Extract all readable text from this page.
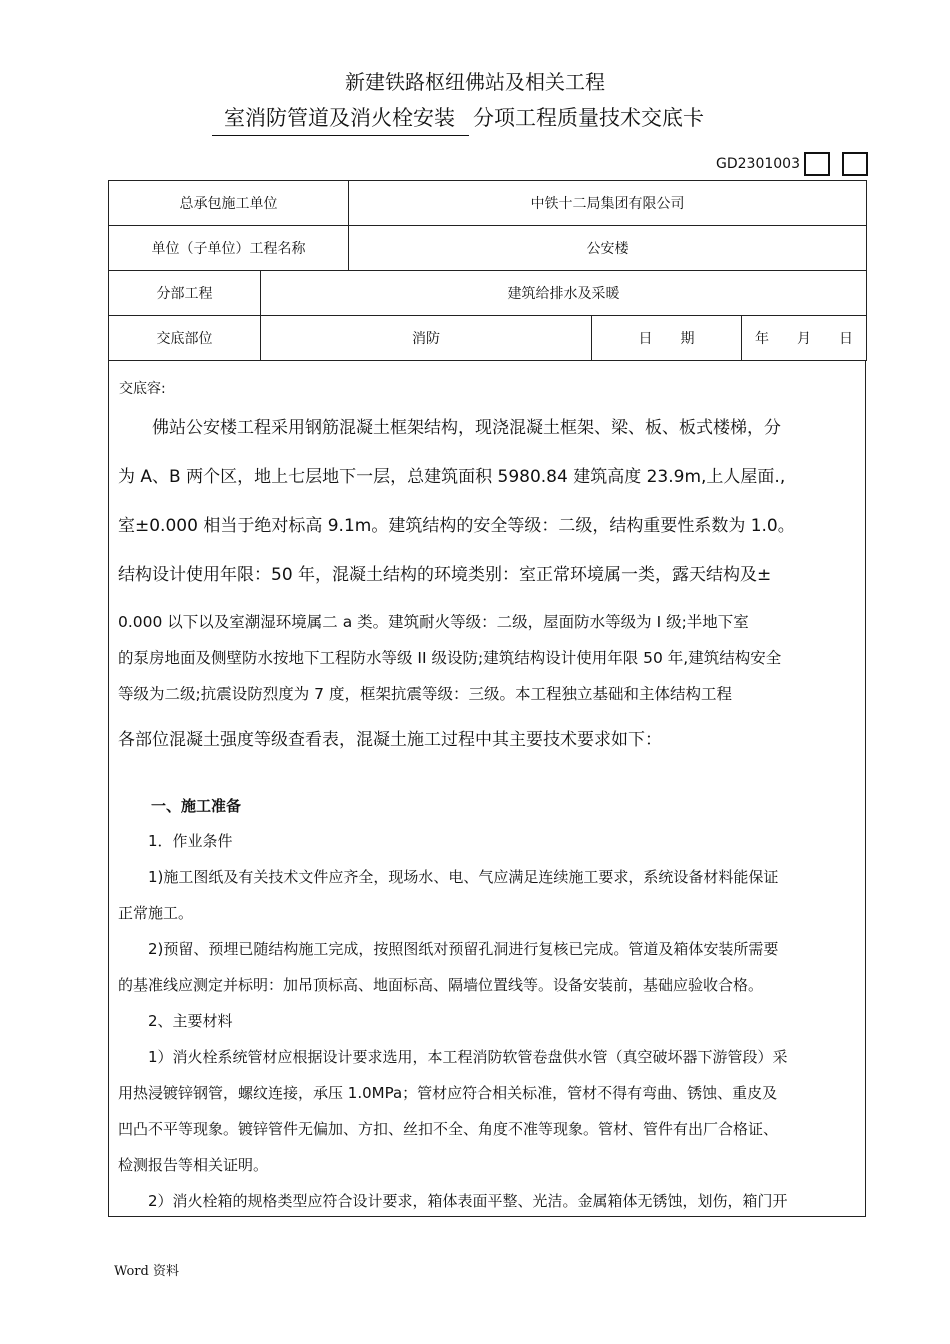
新建铁路枢纽佛站及相关工程
室消防管道及消火栓安装 分项工程质量技术交底卡
GD2301003
总承包施工单位		中铁十二局集团有限公司		
单位（子单位）工程名称		公安楼		
分部工程	建筑给排水及采暖			
交底部位	消防		日　　期	年　　月　　日

交底容:

佛站公安楼工程采用钢筋混凝土框架结构，现浇混凝土框架、梁、板、板式楼梯，分

为 A、B 两个区，地上七层地下一层，总建筑面积 5980.84 建筑高度 23.9m,上人屋面.,

室±0.000 相当于绝对标高 9.1m。建筑结构的安全等级：二级，结构重要性系数为 1.0。

结构设计使用年限：50 年，混凝土结构的环境类别：室正常环境属一类，露天结构及±

0.000 以下以及室潮湿环境属二 a 类。建筑耐火等级：二级，屋面防水等级为 I 级;半地下室

的泵房地面及侧壁防水按地下工程防水等级 II 级设防;建筑结构设计使用年限 50 年,建筑结构安全

等级为二级;抗震设防烈度为 7 度，框架抗震等级：三级。本工程独立基础和主体结构工程

各部位混凝土强度等级查看表，混凝土施工过程中其主要技术要求如下：

一、施工准备

1．作业条件

1)施工图纸及有关技术文件应齐全，现场水、电、气应满足连续施工要求，系统设备材料能保证

正常施工。

2)预留、预埋已随结构施工完成，按照图纸对预留孔洞进行复核已完成。管道及箱体安装所需要

的基准线应测定并标明：加吊顶标高、地面标高、隔墙位置线等。设备安装前，基础应验收合格。

2、主要材料

1）消火栓系统管材应根据设计要求选用，本工程消防软管卷盘供水管（真空破坏器下游管段）采

用热浸镀锌钢管，螺纹连接，承压 1.0MPa；管材应符合相关标准，管材不得有弯曲、锈蚀、重皮及

凹凸不平等现象。镀锌管件无偏加、方扣、丝扣不全、角度不准等现象。管材、管件有出厂合格证、

检测报告等相关证明。

2）消火栓箱的规格类型应符合设计要求，箱体表面平整、光洁。金属箱体无锈蚀，划伤，箱门开

Word 资料
